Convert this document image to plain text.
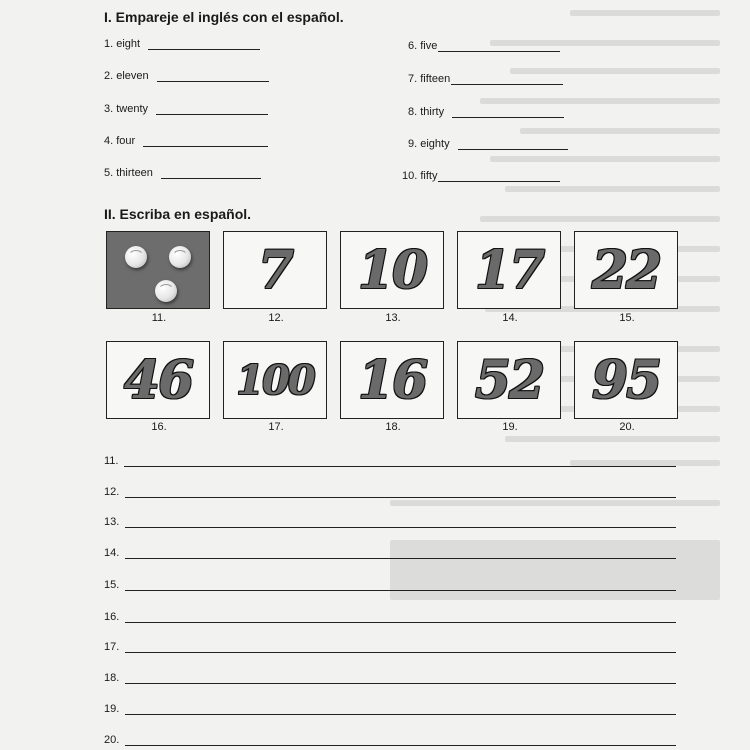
I. Empareje el inglés con el español.
1. eight
2. eleven
3. twenty
4. four
5. thirteen
6. five
7. fifteen
8. thirty
9. eighty
10. fifty
II. Escriba en español.
11.
7
12.
10
13.
17
14.
22
15.
46
16.
100
17.
16
18.
52
19.
95
20.
11.
12.
13.
14.
15.
16.
17.
18.
19.
20.
